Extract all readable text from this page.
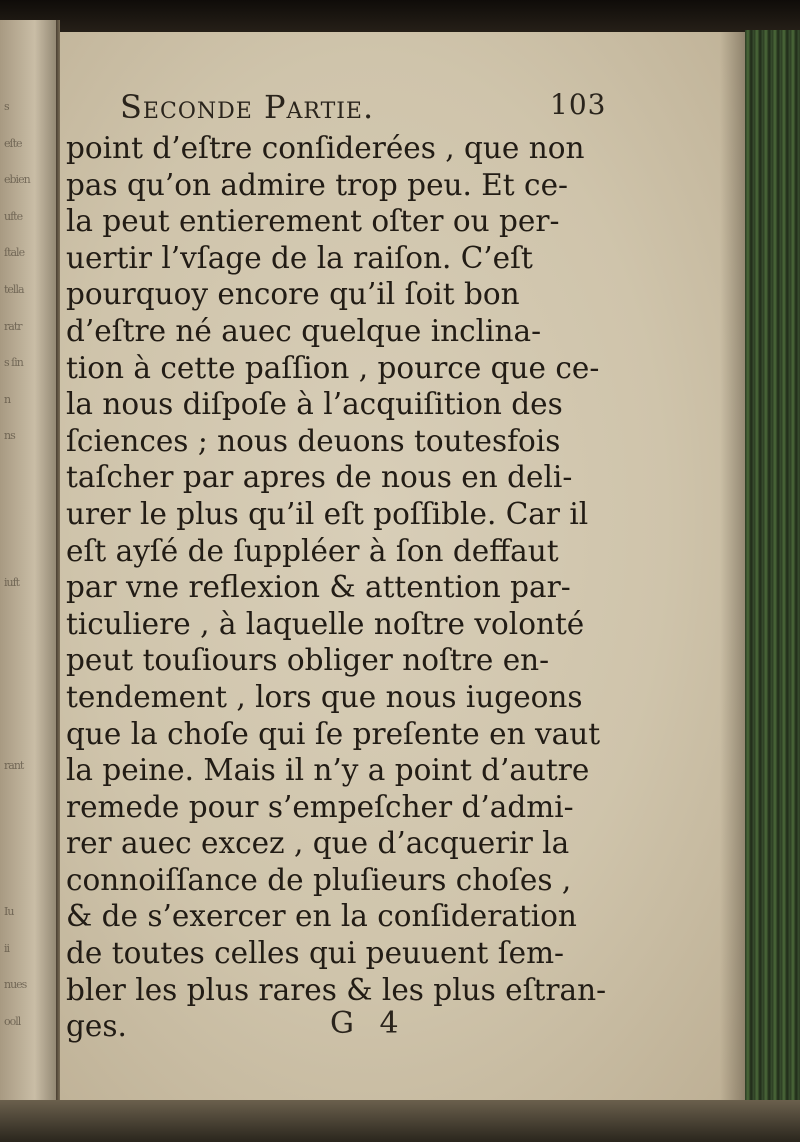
s
eſte
ebien
ufte
ſtale
tella
ratr
s ſin
n
ns
iuft
rant
Iu
ii
nues
ooll
Seconde Partie.	103
point d’eſtre conſiderées , que non
pas qu’on admire trop peu. Et ce-
la peut entierement oſter ou per-
uertir l’vſage de la raiſon. C’eſt
pourquoy encore qu’il ſoit bon
d’eſtre né auec quelque inclina-
tion à cette paſſion , pource que ce-
la nous diſpoſe à l’acquiſition des
ſciences ; nous deuons toutesfois
taſcher par apres de nous en deli-
urer le plus qu’il eſt poſſible. Car il
eſt ayſé de ſuppléer à ſon deffaut
par vne reflexion & attention par-
ticuliere , à laquelle noſtre volonté
peut touſiours obliger noſtre en-
tendement , lors que nous iugeons
que la choſe qui ſe preſente en vaut
la peine. Mais il n’y a point d’autre
remede pour s’empeſcher d’admi-
rer auec excez , que d’acquerir la
connoiſſance de pluſieurs choſes ,
& de s’exercer en la conſideration
de toutes celles qui peuuent ſem-
bler les plus rares & les plus eſtran-
ges.	G 4
